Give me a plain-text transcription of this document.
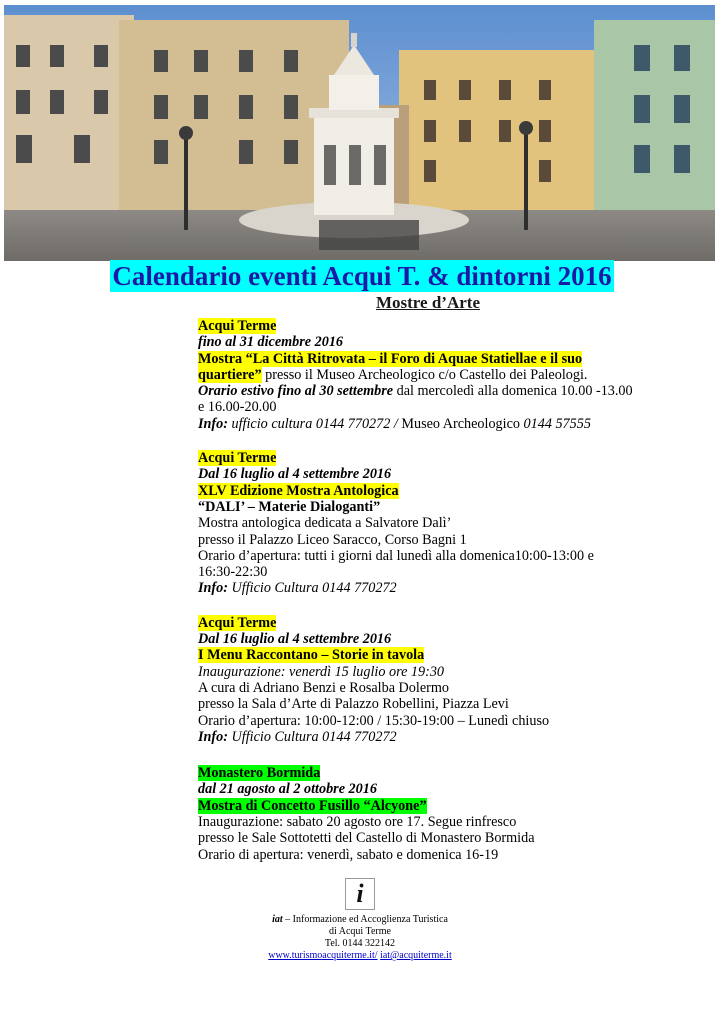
Calendario eventi Acqui T. & dintorni 2016
Mostre d’Arte
Acqui Terme
fino al 31 dicembre 2016
Mostra “La Città Ritrovata – il Foro di Aquae Statiellae e il suo
quartiere” presso il Museo Archeologico c/o Castello dei Paleologi.
Orario estivo fino al 30 settembre dal mercoledì alla domenica 10.00 -13.00
e 16.00-20.00
Info: ufficio cultura 0144 770272 / Museo Archeologico 0144 57555
Acqui Terme
Dal 16 luglio al 4 settembre 2016
XLV Edizione Mostra Antologica
“DALI’ – Materie Dialoganti”
Mostra antologica dedicata a Salvatore Dalì’
presso il Palazzo Liceo Saracco, Corso Bagni 1
Orario d’apertura: tutti i giorni dal lunedì alla domenica10:00-13:00 e
16:30-22:30
Info: Ufficio Cultura 0144 770272
Acqui Terme
Dal 16 luglio al 4 settembre 2016
I Menu Raccontano – Storie in tavola
Inaugurazione: venerdì 15 luglio ore 19:30
A cura di Adriano Benzi e Rosalba Dolermo
presso la Sala d’Arte di Palazzo Robellini, Piazza Levi
Orario d’apertura: 10:00-12:00 / 15:30-19:00 – Lunedì chiuso
Info: Ufficio Cultura 0144 770272
Monastero Bormida
dal 21 agosto al 2 ottobre 2016
Mostra di Concetto Fusillo “Alcyone”
Inaugurazione: sabato 20 agosto ore 17. Segue rinfresco
presso le Sale Sottotetti del Castello di Monastero Bormida
Orario di apertura: venerdì, sabato e domenica 16-19
i
iat – Informazione ed Accoglienza Turistica
di Acqui Terme
Tel. 0144 322142
www.turismoacquiterme.it/ iat@acquiterme.it
